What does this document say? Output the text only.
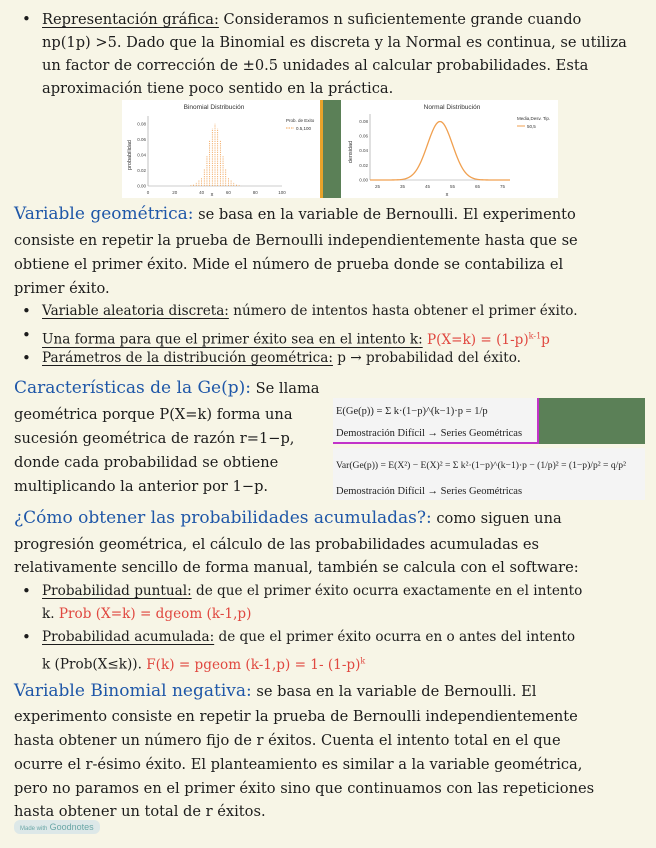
• Representación gráfica: Consideramos n suficientemente grande cuando
np(1p) >5. Dado que la Binomial es discreta y la Normal es continua, se utiliza
un factor de corrección de ±0.5 unidades al calcular probabilidades. Esta
aproximación tiene poco sentido en la práctica.
Binomial Distribución
probabilidad
x
Prob. de Exito
0.5,100
0	20	40	60	80	100
0.00
0.02
0.04
0.06
0.08
Normal Distribución
densidad
x
Media,Desv. Tip.
50,5
25	35	45	55	65	75
0.00
0.02
0.04
0.06
0.08
Variable geométrica: se basa en la variable de Bernoulli. El experimento
consiste en repetir la prueba de Bernoulli independientemente hasta que se
obtiene el primer éxito. Mide el número de prueba donde se contabiliza el
primer éxito.
• Variable aleatoria discreta: número de intentos hasta obtener el primer éxito.
• Una forma para que el primer éxito sea en el intento k: $P(X=k) = (1-p)^{k-1}p$
• Parámetros de la distribución geométrica: p → probabilidad del éxito.
Características de la Ge(p): Se llama
geométrica porque P(X=k) forma una
sucesión geométrica de razón r=1−p,
donde cada probabilidad se obtiene
multiplicando la anterior por 1−p.
E(Ge(p)) = Σ k·(1−p)^(k−1)·p = 1/p
Demostración Difícil → Series Geométricas
Var(Ge(p)) = E(X²) − E(X)² = Σ k²·(1−p)^(k−1)·p − (1/p)² = (1−p)/p² = q/p²
Demostración Difícil → Series Geométricas
¿Cómo obtener las probabilidades acumuladas?: como siguen una
progresión geométrica, el cálculo de las probabilidades acumuladas es
relativamente sencillo de forma manual, también se calcula con el software:
• Probabilidad puntual: de que el primer éxito ocurra exactamente en el intento
k. Prob (X=k) = dgeom (k-1,p)
• Probabilidad acumulada: de que el primer éxito ocurra en o antes del intento
k (Prob(X≤k)). F(k) = pgeom (k-1,p) = 1- $(1-p)^k$
Variable Binomial negativa: se basa en la variable de Bernoulli. El
experimento consiste en repetir la prueba de Bernoulli independientemente
hasta obtener un número fijo de r éxitos. Cuenta el intento total en el que
ocurre el r-ésimo éxito. El planteamiento es similar a la variable geométrica,
pero no paramos en el primer éxito sino que continuamos con las repeticiones
hasta obtener un total de r éxitos.
Made with Goodnotes
